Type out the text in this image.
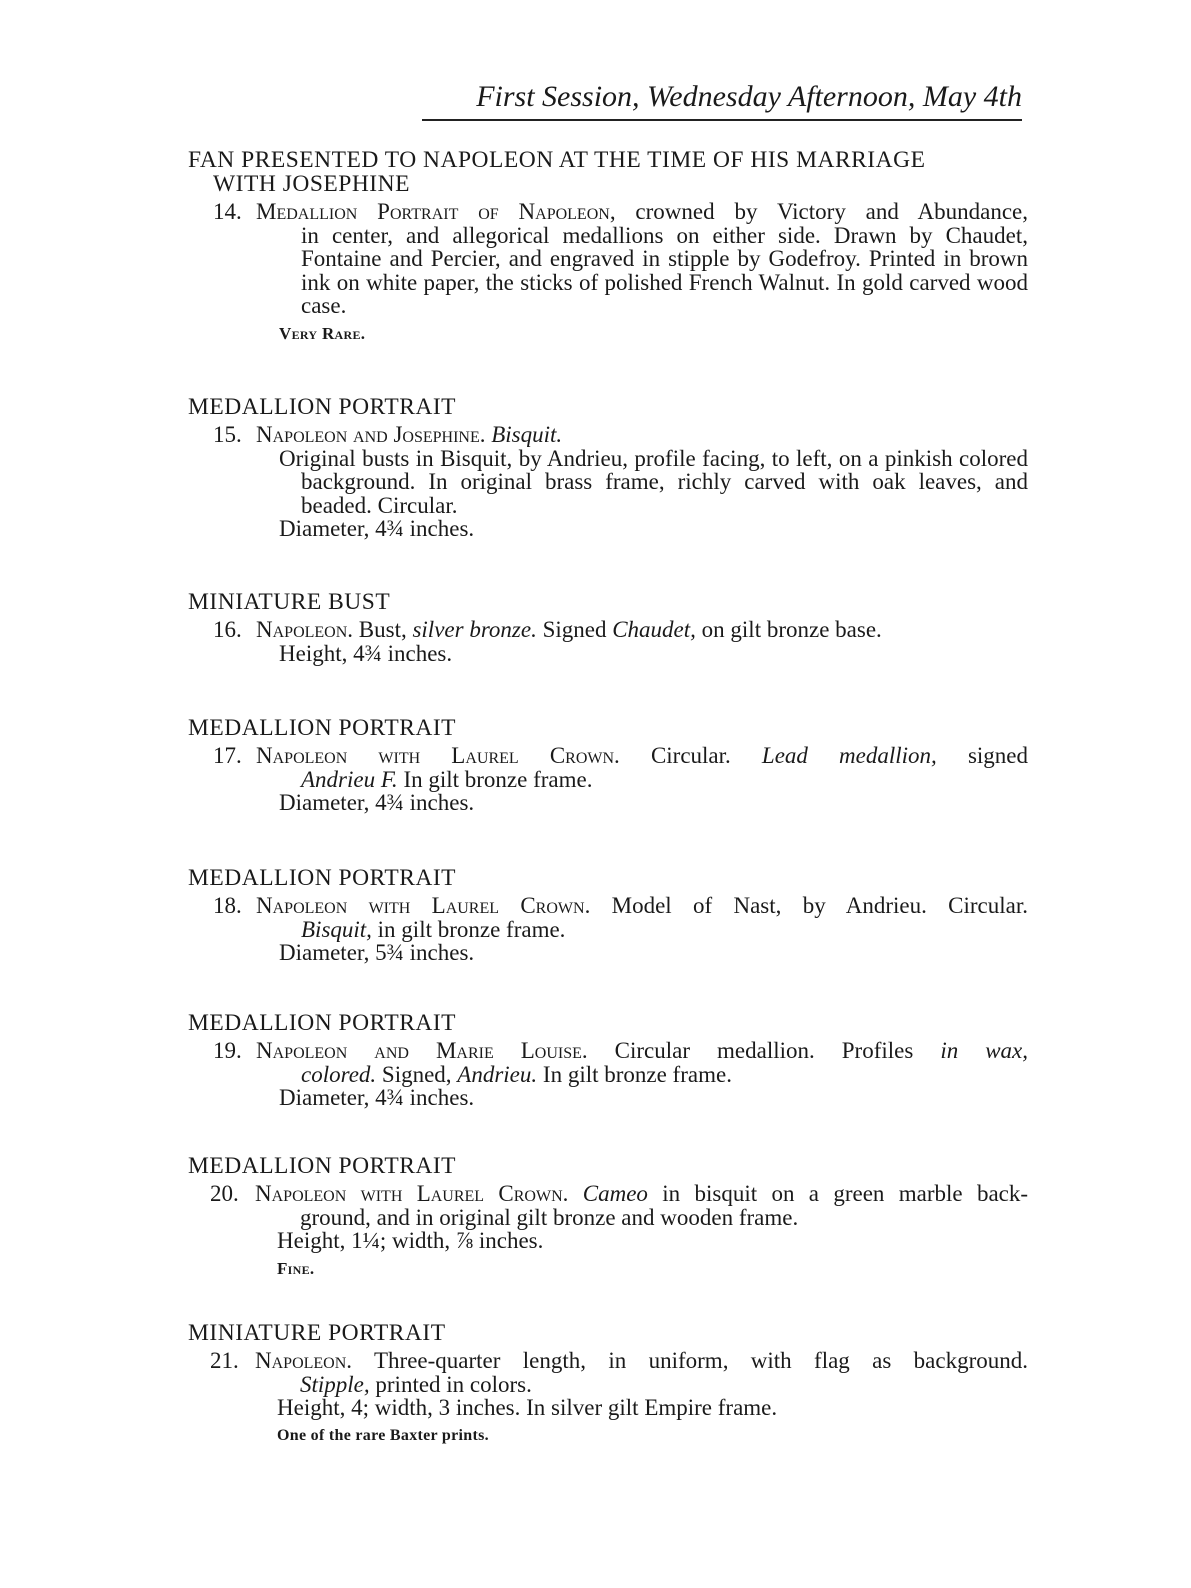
First Session, Wednesday Afternoon, May 4th
FAN PRESENTED TO NAPOLEON AT THE TIME OF HIS MARRIAGE
WITH JOSEPHINE
14. Medallion Portrait of Napoleon, crowned by Victory and Abundance,
in center, and allegorical medallions on either side. Drawn by Chaudet, Fontaine and Percier, and engraved in stipple by Godefroy. Printed in brown ink on white paper, the sticks of polished French Walnut. In gold carved wood case.
Very Rare.
MEDALLION PORTRAIT
15. Napoleon and Josephine. Bisquit.
Original busts in Bisquit, by Andrieu, profile facing, to left, on a pinkish colored background. In original brass frame, richly carved with oak leaves, and beaded. Circular.
Diameter, 4¾ inches.
MINIATURE BUST
16. Napoleon. Bust, silver bronze. Signed Chaudet, on gilt bronze base.
Height, 4¾ inches.
MEDALLION PORTRAIT
17. Napoleon with Laurel Crown. Circular. Lead medallion, signed
Andrieu F. In gilt bronze frame.
Diameter, 4¾ inches.
MEDALLION PORTRAIT
18. Napoleon with Laurel Crown. Model of Nast, by Andrieu. Circular.
Bisquit, in gilt bronze frame.
Diameter, 5¾ inches.
MEDALLION PORTRAIT
19. Napoleon and Marie Louise. Circular medallion. Profiles in wax,
colored. Signed, Andrieu. In gilt bronze frame.
Diameter, 4¾ inches.
MEDALLION PORTRAIT
20. Napoleon with Laurel Crown. Cameo in bisquit on a green marble back-
ground, and in original gilt bronze and wooden frame.
Height, 1¼; width, ⅞ inches.
Fine.
MINIATURE PORTRAIT
21. Napoleon. Three-quarter length, in uniform, with flag as background.
Stipple, printed in colors.
Height, 4; width, 3 inches. In silver gilt Empire frame.
One of the rare Baxter prints.
